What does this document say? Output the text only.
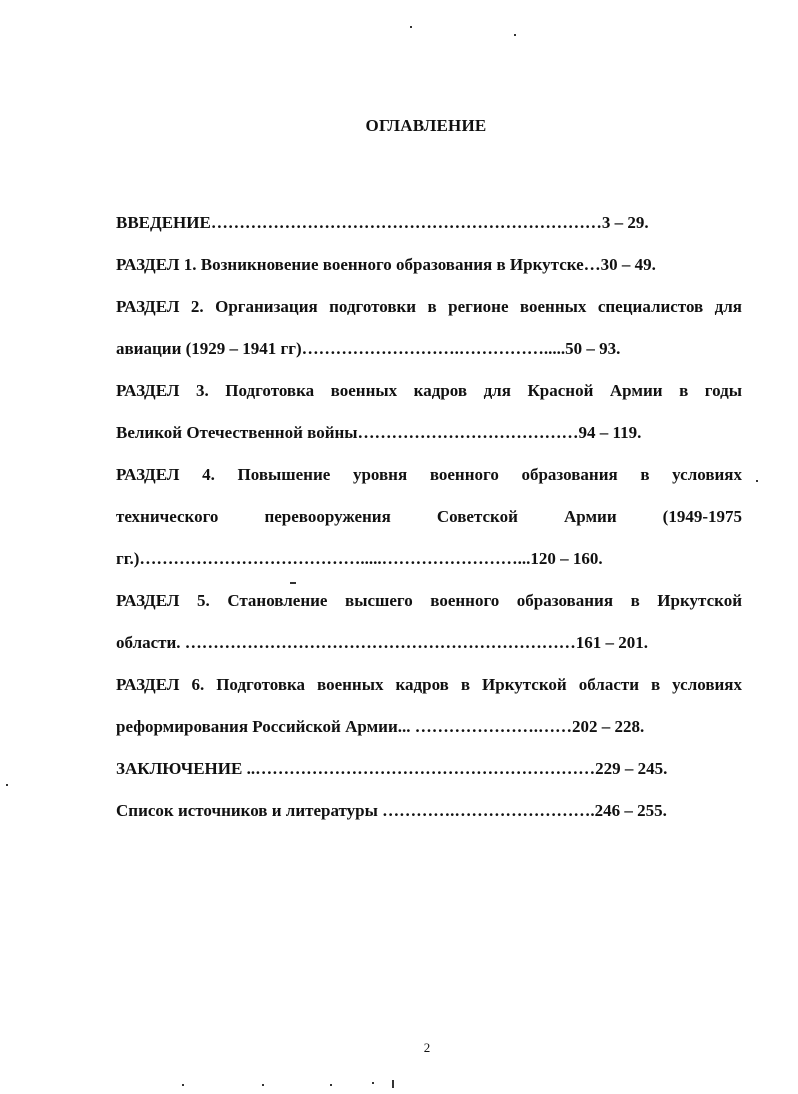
ОГЛАВЛЕНИЕ
ВВЕДЕНИЕ……………………………………………………………3 – 29.
РАЗДЕЛ 1. Возникновение военного образования в Иркутске…30 – 49.
РАЗДЕЛ 2. Организация подготовки в регионе военных специалистов для
авиации (1929 – 1941 гг)……………………….…………….....50 – 93.
РАЗДЕЛ 3. Подготовка военных кадров для Красной Армии в годы
Великой Отечественной войны…………………………………94 – 119.
РАЗДЕЛ 4. Повышение уровня военного образования в условиях
технического перевооружения Советской Армии (1949-1975
гг.)………………………………….....……………………...120 – 160.
РАЗДЕЛ 5. Становление высшего военного образования в Иркутской
области. ……………………………………………………………161 – 201.
РАЗДЕЛ 6. Подготовка военных кадров в Иркутской области в условиях
реформирования Российской Армии... ………………….……202 – 228.
ЗАКЛЮЧЕНИЕ ..……………………………………………………229 – 245.
Список источников и литературы ………….…………………….246 – 255.
2
